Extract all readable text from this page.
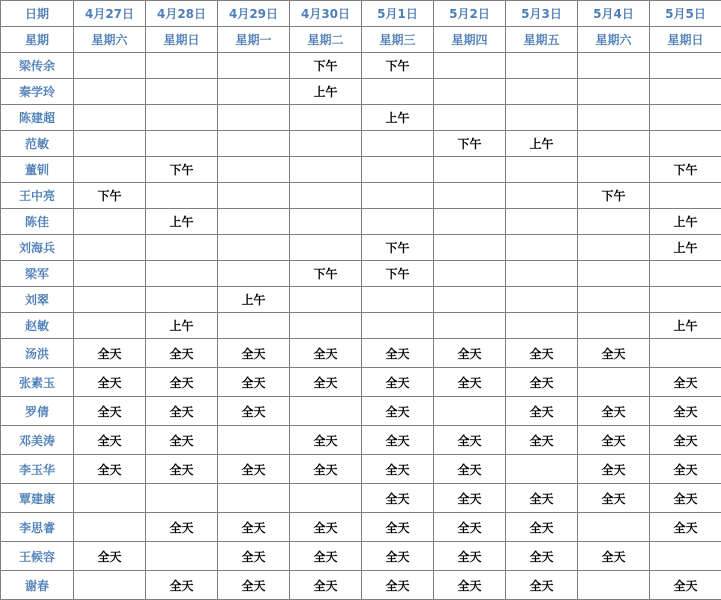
日期	4月27日	4月28日	4月29日	4月30日	5月1日	5月2日	5月3日	5月4日	5月5日
星期	星期六	星期日	星期一	星期二	星期三	星期四	星期五	星期六	星期日
梁传余				下午	下午				
秦学玲				上午					
陈建超					上午				
范敏						下午	上午		
董钏		下午							下午
王中亮	下午							下午	
陈佳		上午							上午
刘海兵					下午				上午
梁军				下午	下午				
刘翠			上午						
赵敏		上午							上午
汤洪	全天	全天	全天	全天	全天	全天	全天	全天	
张素玉	全天	全天	全天	全天	全天	全天	全天		全天
罗倩	全天	全天	全天		全天		全天	全天	全天
邓美涛	全天	全天		全天	全天	全天	全天	全天	全天
李玉华	全天	全天	全天	全天	全天	全天		全天	全天
覃建康					全天	全天	全天	全天	全天
李思睿		全天	全天	全天	全天	全天	全天		全天
王候容	全天		全天	全天	全天	全天	全天	全天	
谢春		全天	全天	全天	全天	全天	全天		全天
